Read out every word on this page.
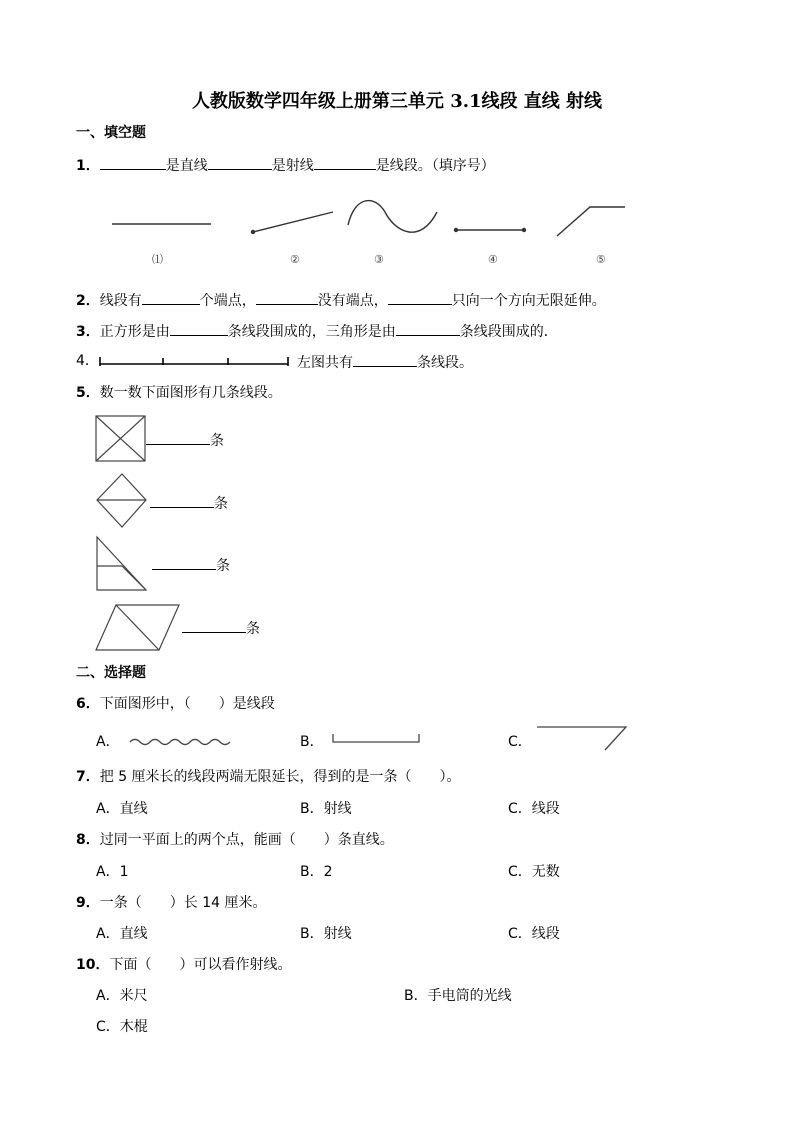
人教版数学四年级上册第三单元 3.1线段 直线 射线
一、填空题
1．	是直线	是射线	是线段。（填序号）
⑴	②	③	④	⑤
2．线段有	个端点，	没有端点，	只向一个方向无限延伸。
3．正方形是由	条线段围成的，三角形是由	条线段围成的．
4．	左图共有	条线段。
5．数一数下面图形有几条线段。
条
条
条
条
二、选择题
6．下面图形中，（　　）是线段
A．	B．	C．
7．把 5 厘米长的线段两端无限延长，得到的是一条（　　）。
A．直线	B．射线	C．线段
8．过同一平面上的两个点，能画（　　）条直线。
A．1	B．2	C．无数
9．一条（　　）长 14 厘米。
A．直线	B．射线	C．线段
10．下面（　　）可以看作射线。
A．米尺	B．手电筒的光线
C．木棍
